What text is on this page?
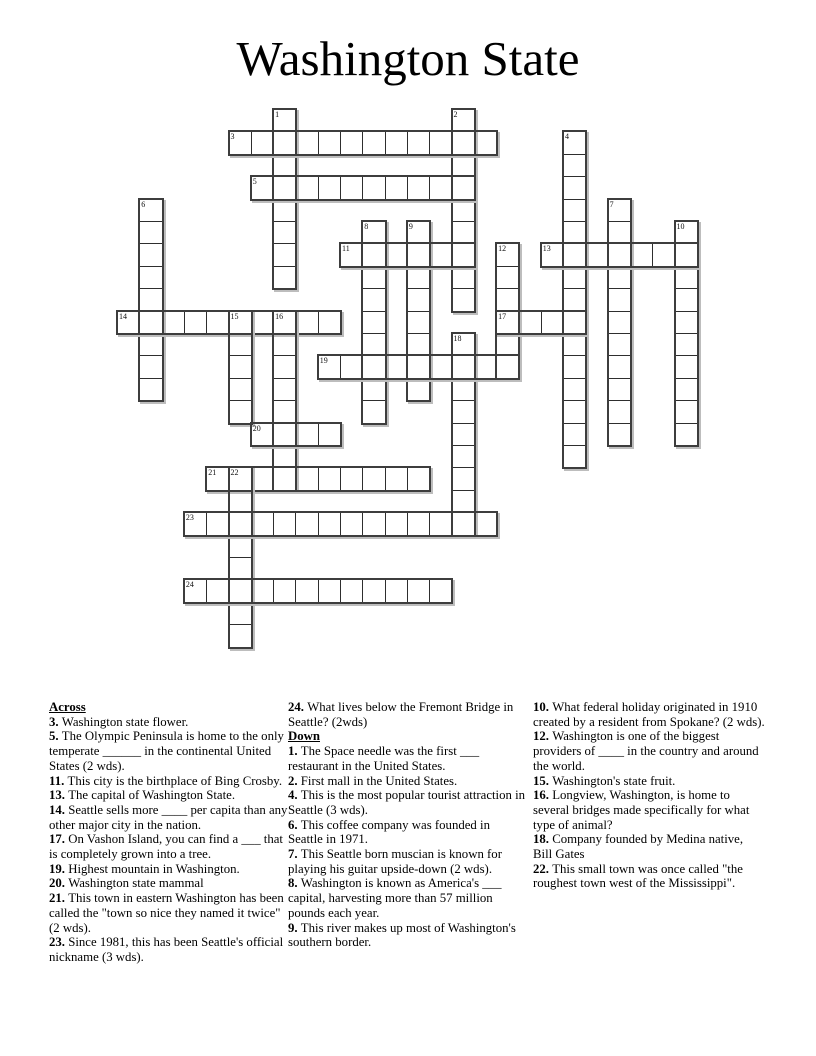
Washington State
1	2
3	4
5
6	7
8	9	10
11	12	13
14	15	16	17
18
19
20
21 22
23
24

Across

3. Washington state flower.

5. The Olympic Peninsula is home to the only temperate ______ in the continental United States (2 wds).

11. This city is the birthplace of Bing Crosby.

13. The capital of Washington State.

14. Seattle sells more ____ per capita than any other major city in the nation.

17. On Vashon Island, you can find a ___ that is completely grown into a tree.

19. Highest mountain in Washington.

20. Washington state mammal

21. This town in eastern Washington has been called the "town so nice they named it twice" (2 wds).

23. Since 1981, this has been Seattle's official nickname (3 wds).

24. What lives below the Fremont Bridge in Seattle? (2wds)

Down

1. The Space needle was the first ___ restaurant in the United States.

2. First mall in the United States.

4. This is the most popular tourist attraction in Seattle (3 wds).

6. This coffee company was founded in Seattle in 1971.

7. This Seattle born muscian is known for playing his guitar upside-down (2 wds).

8. Washington is known as America's ___ capital, harvesting more than 57 million pounds each year.

9. This river makes up most of Washington's southern border.

10. What federal holiday originated in 1910 created by a resident from Spokane? (2 wds).

12. Washington is one of the biggest providers of ____ in the country and around the world.

15. Washington's state fruit.

16. Longview, Washington, is home to several bridges made specifically for what type of animal?

18. Company founded by Medina native, Bill Gates

22. This small town was once called "the roughest town west of the Mississippi".
